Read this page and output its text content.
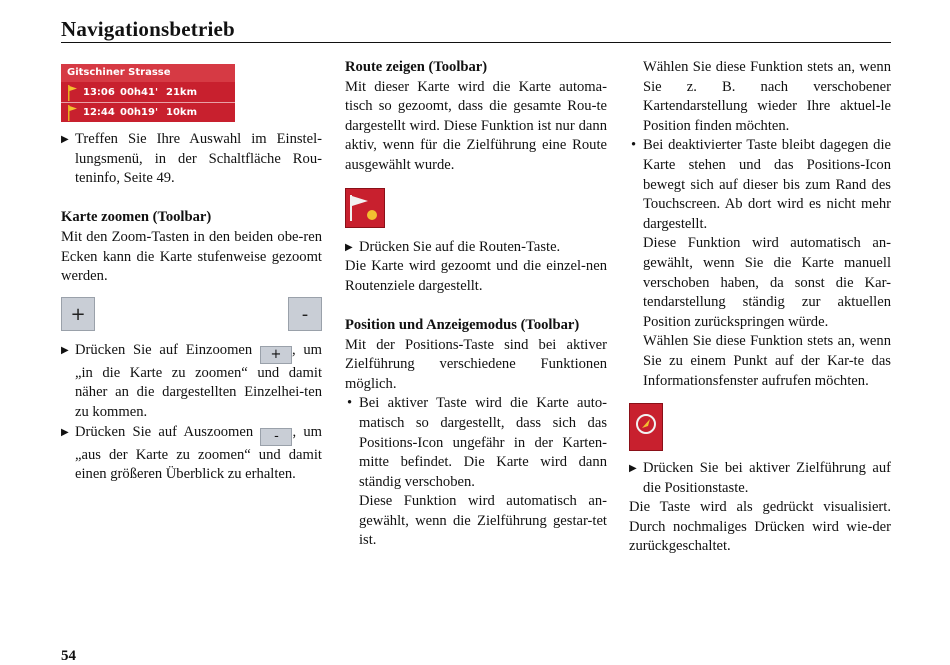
Navigationsbetrieb
Gitschiner Strasse
13:06 00h41' 21km
12:44 00h19' 10km

▶ Treffen Sie Ihre Auswahl im Einstel- lungsmenü, in der Schaltfläche Rou- teninfo, Seite 49.

Karte zoomen (Toolbar)

Mit den Zoom-Tasten in den beiden obe-ren Ecken kann die Karte stufenweise gezoomt werden.

+	-

▶ Drücken Sie auf Einzoomen + , um „in die Karte zu zoomen“ und damit näher an die dargestellten Einzelhei-ten zu kommen.

▶ Drücken Sie auf Auszoomen - , um „aus der Karte zu zoomen“ und damit einen größeren Überblick zu erhalten.

Route zeigen (Toolbar)

Mit dieser Karte wird die Karte automa-tisch so gezoomt, dass die gesamte Rou-te dargestellt wird. Diese Funktion ist nur dann aktiv, wenn für die Zielführung eine Route ausgewählt wurde.

▶ Drücken Sie auf die Routen-Taste.

Die Karte wird gezoomt und die einzel-nen Routenziele dargestellt.

Position und Anzeigemodus (Toolbar)

Mit der Positions-Taste sind bei aktiver Zielführung verschiedene Funktionen möglich.

• Bei aktiver Taste wird die Karte auto-matisch so dargestellt, dass sich das Positions-Icon ungefähr in der Karten-mitte befindet. Die Karte wird dann ständig verschoben.

Diese Funktion wird automatisch an-gewählt, wenn die Zielführung gestar-tet ist.

Wählen Sie diese Funktion stets an, wenn Sie z. B. nach verschobener Kartendarstellung wieder Ihre aktuel-le Position finden möchten.

• Bei deaktivierter Taste bleibt dagegen die Karte stehen und das Positions-Icon bewegt sich auf dieser bis zum Rand des Touchscreen. Ab dort wird es nicht mehr dargestellt.

Diese Funktion wird automatisch an-gewählt, wenn Sie die Karte manuell verschoben haben, da sonst die Kar-tendarstellung ständig zur aktuellen Position zurückspringen würde.

Wählen Sie diese Funktion stets an, wenn Sie zu einem Punkt auf der Kar-te das Informationsfenster aufrufen möchten.

▶ Drücken Sie bei aktiver Zielführung auf die Positionstaste.

Die Taste wird als gedrückt visualisiert. Durch nochmaliges Drücken wird wie-der zurückgeschaltet.

54
